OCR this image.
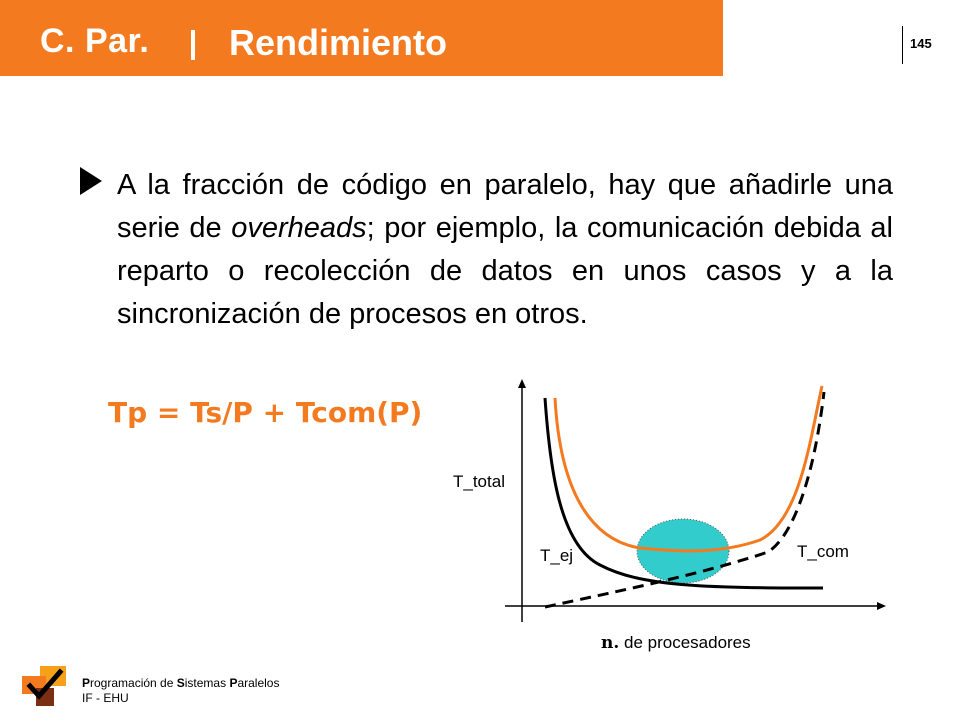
C. Par. Rendimiento	145

A la fracción de código en paralelo, hay que añadirle una serie de overheads; por ejemplo, la comunicación debida al reparto o recolección de datos en unos casos y a la sincronización de procesos en otros.

Tp = Ts/P + Tcom(P)
T_total
T_ej	T_com
n. de procesadores
Programación de Sistemas Paralelos
IF - EHU
